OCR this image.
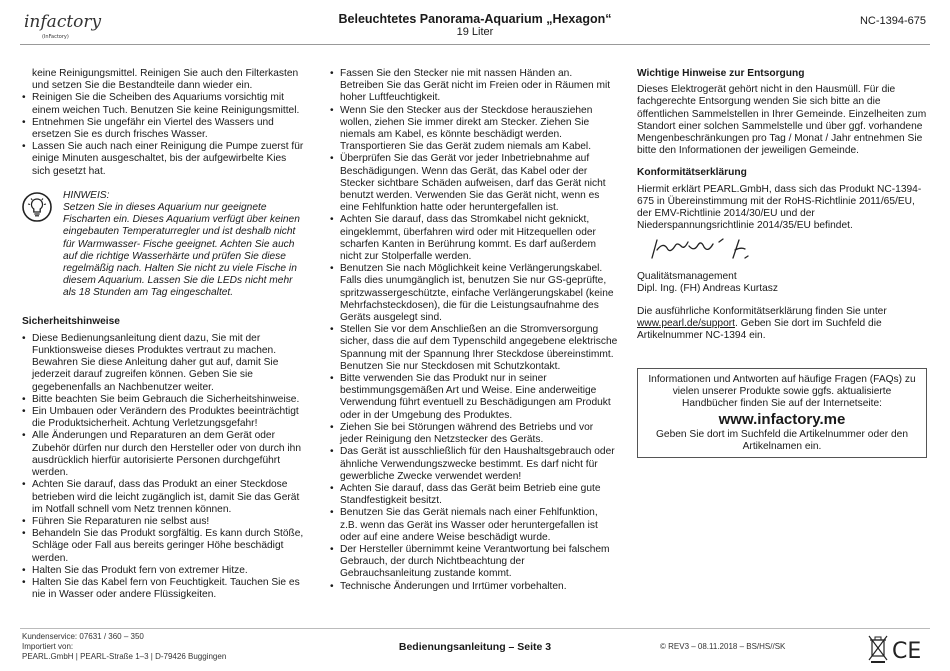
infactory
(InFactory)
Beleuchtetes Panorama-Aquarium „Hexagon“
19 Liter
NC-1394-675

keine Reinigungsmittel. Reinigen Sie auch den Filterkasten und setzen Sie die Bestandteile dann wieder ein.

• Reinigen Sie die Scheiben des Aquariums vorsichtig mit einem weichen Tuch. Benutzen Sie keine Reinigungsmittel.
• Entnehmen Sie ungefähr ein Viertel des Wassers und ersetzen Sie es durch frisches Wasser.
• Lassen Sie auch nach einer Reinigung die Pumpe zuerst für einige Minuten ausgeschaltet, bis der aufgewirbelte Kies sich gesetzt hat.
HINWEIS:
Setzen Sie in dieses Aquarium nur geeignete Fischarten ein. Dieses Aquarium verfügt über keinen eingebauten Temperaturregler und ist deshalb nicht für Warmwasser- Fische geeignet. Achten Sie auch auf die richtige Wasserhärte und prüfen Sie diese regelmäßig nach. Halten Sie nicht zu viele Fische in diesem Aquarium. Lassen Sie die LEDs nicht mehr als 18 Stunden am Tag eingeschaltet.
Sicherheitshinweise
• Diese Bedienungsanleitung dient dazu, Sie mit der Funktionsweise dieses Produktes vertraut zu machen. Bewahren Sie diese Anleitung daher gut auf, damit Sie jederzeit darauf zugreifen können. Geben Sie sie gegebenenfalls an Nachbenutzer weiter.
• Bitte beachten Sie beim Gebrauch die Sicherheitshinweise.
• Ein Umbauen oder Verändern des Produktes beeinträchtigt die Produktsicherheit. Achtung Verletzungsgefahr!
• Alle Änderungen und Reparaturen an dem Gerät oder Zubehör dürfen nur durch den Hersteller oder von durch ihn ausdrücklich hierfür autorisierte Personen durchgeführt werden.
• Achten Sie darauf, dass das Produkt an einer Steckdose betrieben wird die leicht zugänglich ist, damit Sie das Gerät im Notfall schnell vom Netz trennen können.
• Führen Sie Reparaturen nie selbst aus!
• Behandeln Sie das Produkt sorgfältig. Es kann durch Stöße, Schläge oder Fall aus bereits geringer Höhe beschädigt werden.
• Halten Sie das Produkt fern von extremer Hitze.
• Halten Sie das Kabel fern von Feuchtigkeit. Tauchen Sie es nie in Wasser oder andere Flüssigkeiten.
• Fassen Sie den Stecker nie mit nassen Händen an. Betreiben Sie das Gerät nicht im Freien oder in Räumen mit hoher Luftfeuchtigkeit.
• Wenn Sie den Stecker aus der Steckdose herausziehen wollen, ziehen Sie immer direkt am Stecker. Ziehen Sie niemals am Kabel, es könnte beschädigt werden. Transportieren Sie das Gerät zudem niemals am Kabel.
• Überprüfen Sie das Gerät vor jeder Inbetriebnahme auf Beschädigungen. Wenn das Gerät, das Kabel oder der Stecker sichtbare Schäden aufweisen, darf das Gerät nicht benutzt werden. Verwenden Sie das Gerät nicht, wenn es eine Fehlfunktion hatte oder heruntergefallen ist.
• Achten Sie darauf, dass das Stromkabel nicht geknickt, eingeklemmt, überfahren wird oder mit Hitzequellen oder scharfen Kanten in Berührung kommt. Es darf außerdem nicht zur Stolperfalle werden.
• Benutzen Sie nach Möglichkeit keine Verlängerungskabel. Falls dies unumgänglich ist, benutzen Sie nur GS-geprüfte, spritzwassergeschützte, einfache Verlängerungskabel (keine Mehrfachsteckdosen), die für die Leistungsaufnahme des Geräts ausgelegt sind.
• Stellen Sie vor dem Anschließen an die Stromversorgung sicher, dass die auf dem Typenschild angegebene elektrische Spannung mit der Spannung Ihrer Steckdose übereinstimmt. Benutzen Sie nur Steckdosen mit Schutzkontakt.
• Bitte verwenden Sie das Produkt nur in seiner bestimmungsgemäßen Art und Weise. Eine anderweitige Verwendung führt eventuell zu Beschädigungen am Produkt oder in der Umgebung des Produktes.
• Ziehen Sie bei Störungen während des Betriebs und vor jeder Reinigung den Netzstecker des Geräts.
• Das Gerät ist ausschließlich für den Haushaltsgebrauch oder ähnliche Verwendungszwecke bestimmt. Es darf nicht für gewerbliche Zwecke verwendet werden!
• Achten Sie darauf, dass das Gerät beim Betrieb eine gute Standfestigkeit besitzt.
• Benutzen Sie das Gerät niemals nach einer Fehlfunktion, z.B. wenn das Gerät ins Wasser oder heruntergefallen ist oder auf eine andere Weise beschädigt wurde.
• Der Hersteller übernimmt keine Verantwortung bei falschem Gebrauch, der durch Nichtbeachtung der Gebrauchsanleitung zustande kommt.
• Technische Änderungen und Irrtümer vorbehalten.
Wichtige Hinweise zur Entsorgung

Dieses Elektrogerät gehört nicht in den Hausmüll. Für die fachgerechte Entsorgung wenden Sie sich bitte an die öffentlichen Sammelstellen in Ihrer Gemeinde. Einzelheiten zum Standort einer solchen Sammelstelle und über ggf. vorhandene Mengenbeschränkungen pro Tag / Monat / Jahr entnehmen Sie bitte den Informationen der jeweiligen Gemeinde.

Konformitätserklärung

Hiermit erklärt PEARL.GmbH, dass sich das Produkt NC-1394-675 in Übereinstimmung mit der RoHS-Richtlinie 2011/65/EU, der EMV-Richtlinie 2014/30/EU und der Niederspannungsrichtlinie 2014/35/EU befindet.

Qualitätsmanagement

Dipl. Ing. (FH) Andreas Kurtasz

Die ausführliche Konformitätserklärung finden Sie unter www.pearl.de/support. Geben Sie dort im Suchfeld die Artikelnummer NC-1394 ein.

Informationen und Antworten auf häufige Fragen (FAQs) zu vielen unserer Produkte sowie ggfs. aktualisierte Handbücher finden Sie auf der Internetseite:
www.infactory.me
Geben Sie dort im Suchfeld die Artikelnummer oder den Artikelnamen ein.
Kundenservice: 07631 / 360 – 350
Importiert von:
PEARL.GmbH | PEARL-Straße 1–3 | D-79426 Buggingen
Bedienungsanleitung – Seite 3	© REV3 – 08.11.2018 – BS/HS//SK	CE
